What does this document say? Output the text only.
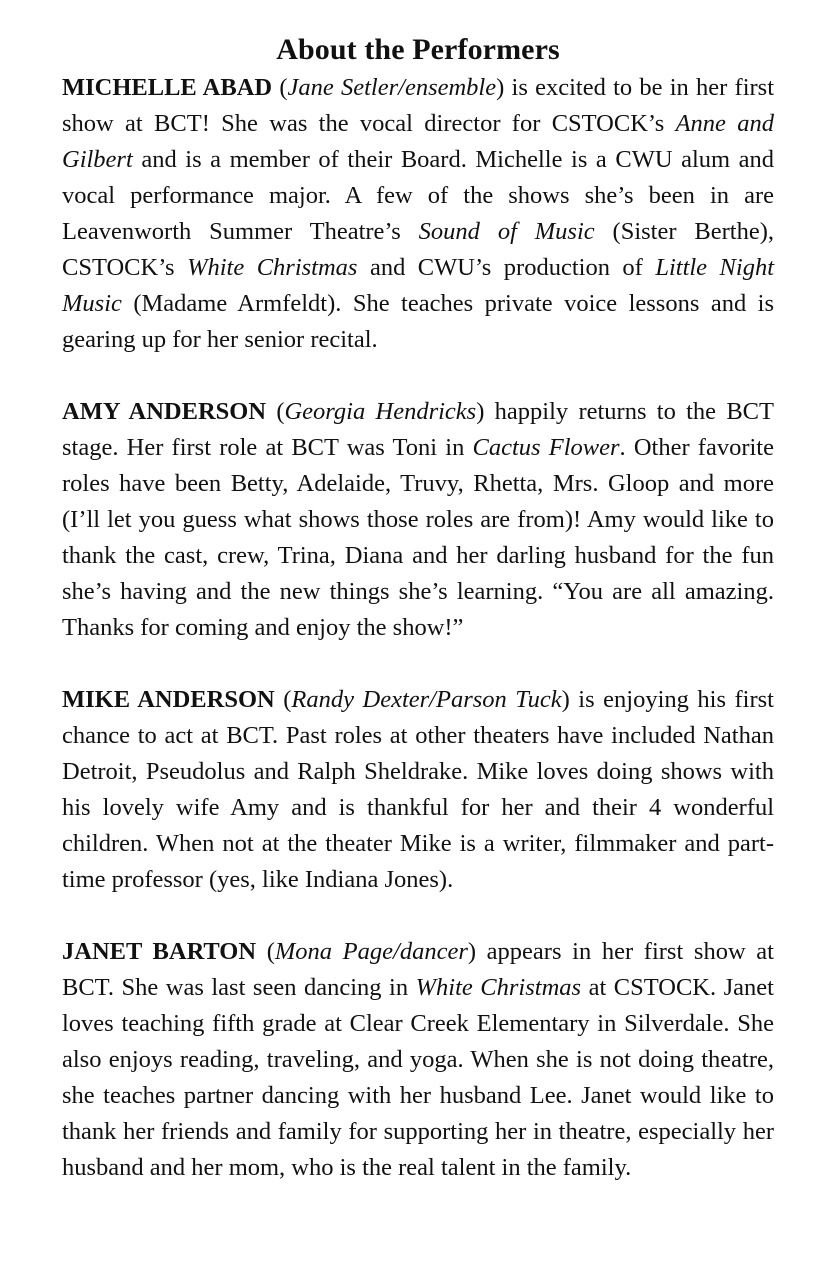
About the Performers

MICHELLE ABAD (Jane Setler/ensemble) is excited to be in her first show at BCT! She was the vocal director for CSTOCK’s Anne and Gilbert and is a member of their Board. Michelle is a CWU alum and vocal performance major. A few of the shows she’s been in are Leavenworth Summer Theatre’s Sound of Music (Sister Berthe), CSTOCK’s White Christmas and CWU’s production of Little Night Music (Madame Armfeldt). She teaches private voice lessons and is gearing up for her senior recital.

AMY ANDERSON (Georgia Hendricks) happily returns to the BCT stage. Her first role at BCT was Toni in Cactus Flower. Other favorite roles have been Betty, Adelaide, Truvy, Rhetta, Mrs. Gloop and more (I’ll let you guess what shows those roles are from)! Amy would like to thank the cast, crew, Trina, Diana and her darling husband for the fun she’s having and the new things she’s learning. “You are all amazing. Thanks for coming and enjoy the show!”

MIKE ANDERSON (Randy Dexter/Parson Tuck) is enjoying his first chance to act at BCT. Past roles at other theaters have included Nathan Detroit, Pseudolus and Ralph Sheldrake. Mike loves doing shows with his lovely wife Amy and is thankful for her and their 4 wonderful children. When not at the theater Mike is a writer, filmmaker and part-time professor (yes, like Indiana Jones).

JANET BARTON (Mona Page/dancer) appears in her first show at BCT. She was last seen dancing in White Christmas at CSTOCK. Janet loves teaching fifth grade at Clear Creek Elementary in Silverdale. She also enjoys reading, traveling, and yoga. When she is not doing theatre, she teaches partner dancing with her husband Lee. Janet would like to thank her friends and family for supporting her in theatre, especially her husband and her mom, who is the real talent in the family.
